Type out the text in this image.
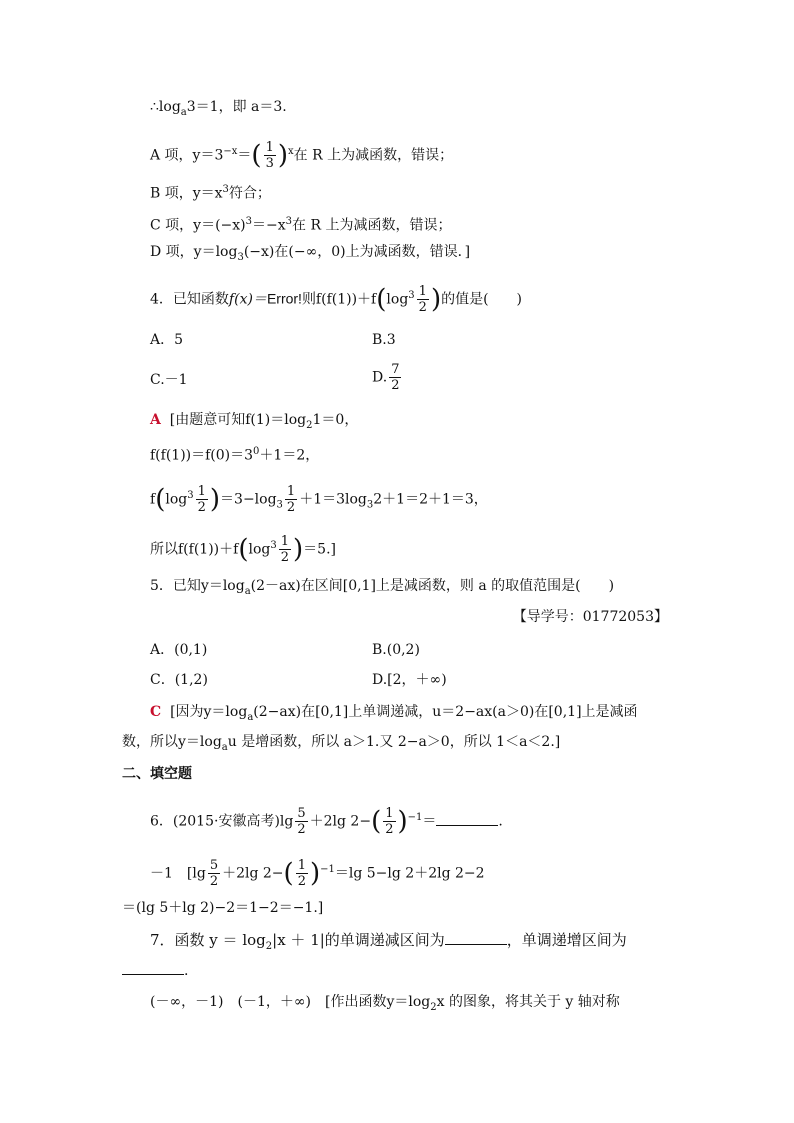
$\therefore\log_a3=1$，即 a＝3.
A 项，$y=3^{-x}=( \frac{1}{3} )^x$在 R 上为减函数，错误；
B 项，$y=x^3$符合；
C 项，$y=(-x)^3=-x^3$在 R 上为减函数，错误；
D 项，$y=\log_3(-x)$在(−∞，0)上为减函数，错误．]
4．已知函数f(x)＝Error!则$f(f(1))+f(\log^3 \frac{1}{2}$ )的值是(　　)
A．5	B.3
C.－1	D. $\frac{7}{2}$
A [由题意可知$f(1)=\log_21=0$，
$f(f(1))=f(0)=3^0+1=2$，
$f(\log^3 \frac{1}{2} )=3-\log_3 \frac{1}{2} +1=3\log_32+1=2+1=3$，
所以$f(f(1))+f(\log^3 \frac{1}{2} )=5$.]
5．已知$y=\log_a(2-ax)$在区间[0,1]上是减函数，则 a 的取值范围是(　　)
【导学号：01772053】
A．(0,1)	B.(0,2)
C．(1,2)	D.[2，＋∞)
C [因为$y=\log_a(2-ax)$在[0,1]上单调递减，u＝2−ax(a＞0)在[0,1]上是减函
数，所以$y=\log_au$ 是增函数，所以 a＞1.又 2−a＞0，所以 1＜a＜2.]
二、填空题
6．(2015·安徽高考)$\lg \frac{5}{2} +2\lg$ $2-( \frac{1}{2} )^{-1}=$	.
－1　[$\lg \frac{5}{2} +2\lg$ $2-( \frac{1}{2} )^{-1}=\lg$ 5−lg 2＋2lg 2−2
＝(lg 5＋lg 2)−2＝1−2＝−1.]
7．函数 $y = \log_2|x + 1|$的单调递减区间为	，单调递增区间为
.
(－∞，－1)　(－1，＋∞)　[作出函数$y=\log_2x$ 的图象，将其关于 y 轴对称
